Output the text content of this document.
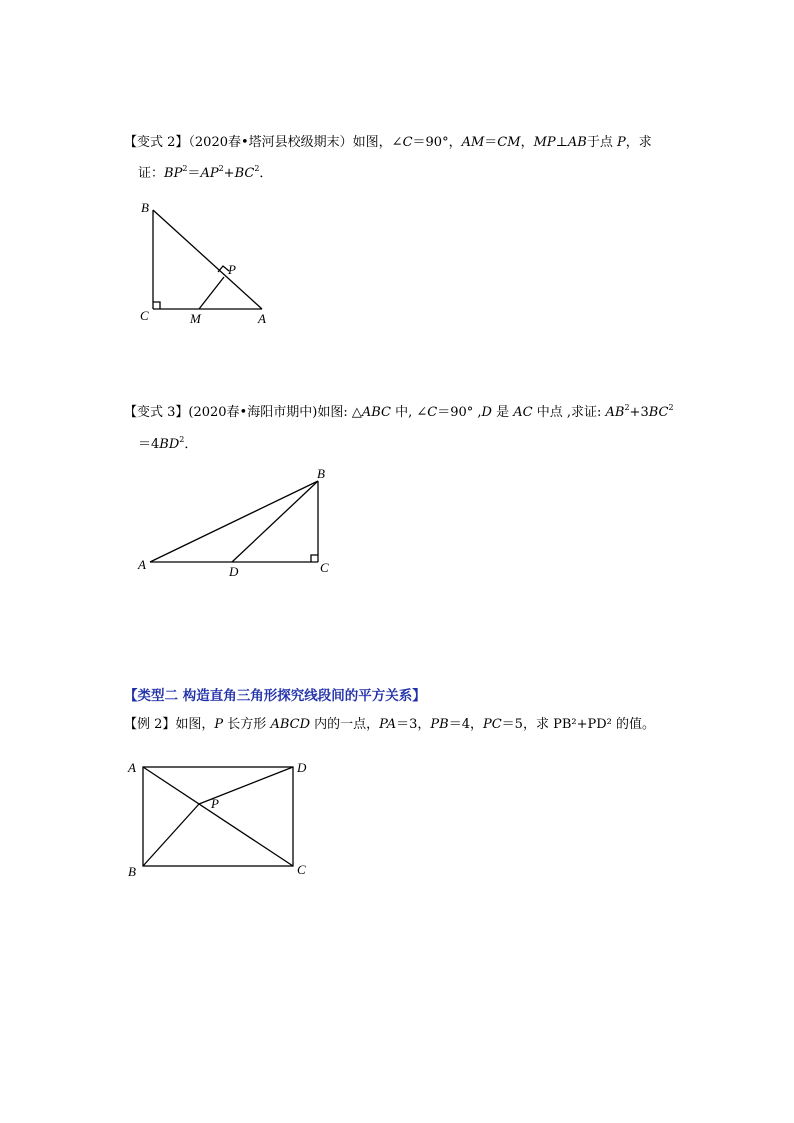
【变式 2】（2020春•塔河县校级期末）如图，∠C＝90°，AM＝CM，MP⊥AB于点 P，求
证：$BP^2=AP^2+BC^2$．
B
C	M	A
P
【变式 3】(2020春•海阳市期中)如图: △ABC 中, ∠C＝90° ,D 是 AC 中点 ,求证: $AB^2+3BC^2$
$=4BD^2$．
B
A	D	C
【类型二 构造直角三角形探究线段间的平方关系】
【例 2】如图，P 长方形 ABCD 内的一点，PA＝3，PB＝4，PC＝5，求 PB²+PD² 的值。
A	D
P
B	C
